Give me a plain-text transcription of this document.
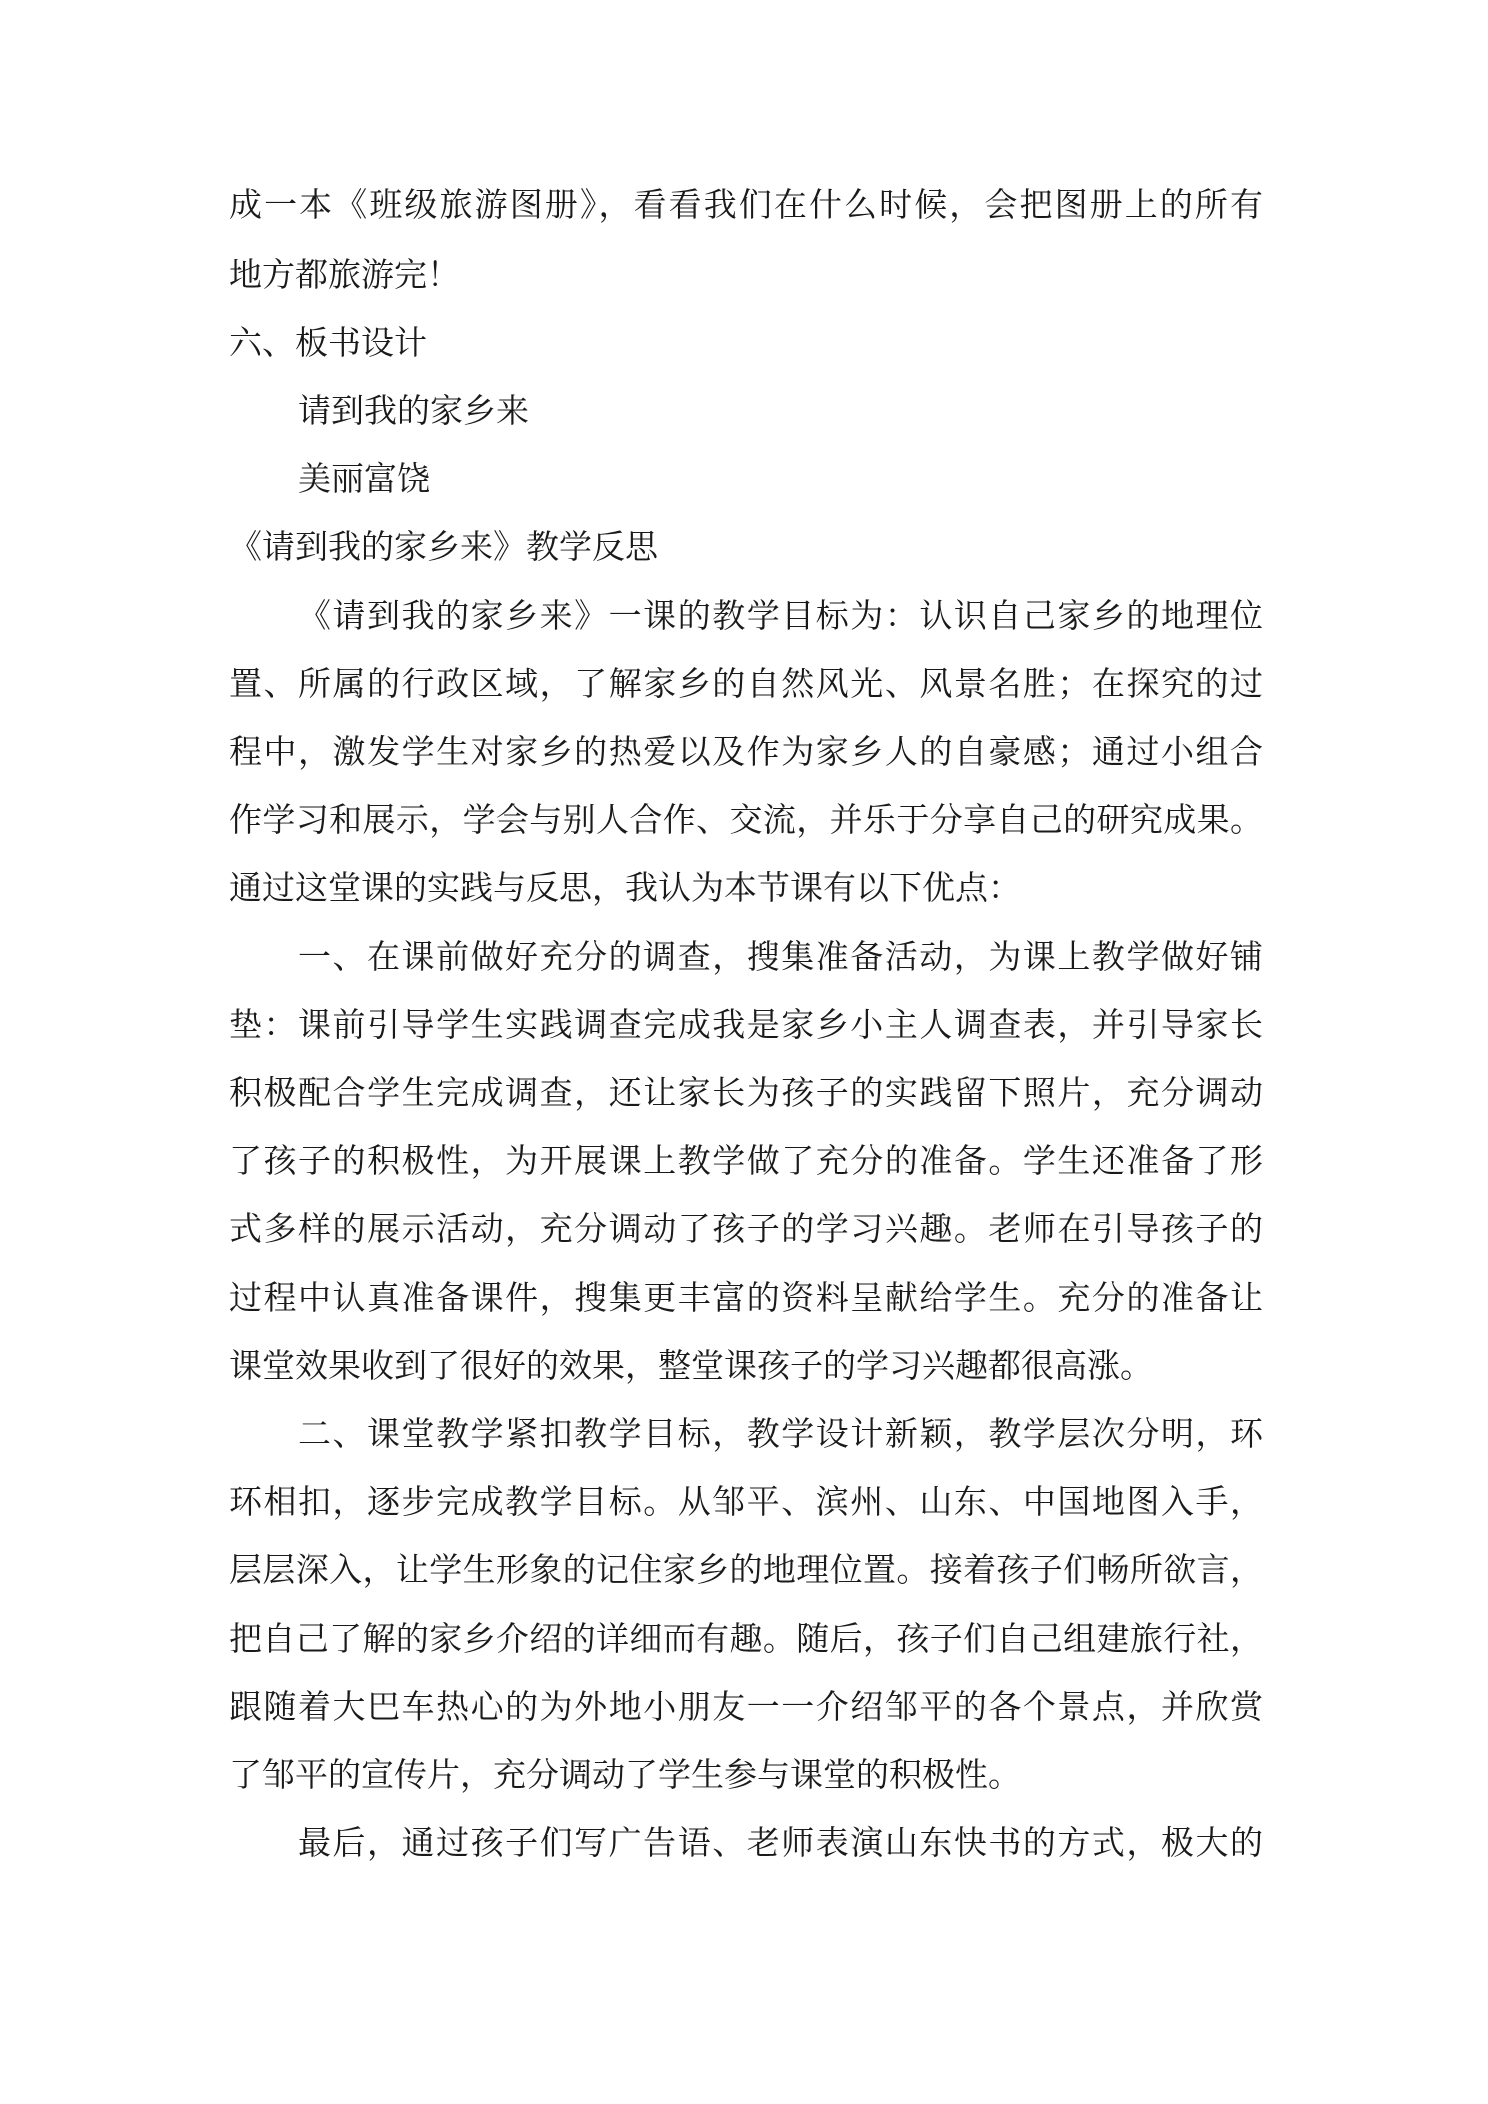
成一本《班级旅游图册》，看看我们在什么时候，会把图册上的所有
地方都旅游完！
六、板书设计
请到我的家乡来
美丽富饶
《请到我的家乡来》教学反思
《请到我的家乡来》一课的教学目标为：认识自己家乡的地理位
置、所属的行政区域，了解家乡的自然风光、风景名胜；在探究的过
程中，激发学生对家乡的热爱以及作为家乡人的自豪感；通过小组合
作学习和展示，学会与别人合作、交流，并乐于分享自己的研究成果。
通过这堂课的实践与反思，我认为本节课有以下优点：
一、在课前做好充分的调查，搜集准备活动，为课上教学做好铺
垫：课前引导学生实践调查完成我是家乡小主人调查表，并引导家长
积极配合学生完成调查，还让家长为孩子的实践留下照片，充分调动
了孩子的积极性，为开展课上教学做了充分的准备。学生还准备了形
式多样的展示活动，充分调动了孩子的学习兴趣。老师在引导孩子的
过程中认真准备课件，搜集更丰富的资料呈献给学生。充分的准备让
课堂效果收到了很好的效果，整堂课孩子的学习兴趣都很高涨。
二、课堂教学紧扣教学目标，教学设计新颖，教学层次分明，环
环相扣，逐步完成教学目标。从邹平、滨州、山东、中国地图入手，
层层深入，让学生形象的记住家乡的地理位置。接着孩子们畅所欲言，
把自己了解的家乡介绍的详细而有趣。随后，孩子们自己组建旅行社，
跟随着大巴车热心的为外地小朋友一一介绍邹平的各个景点，并欣赏
了邹平的宣传片，充分调动了学生参与课堂的积极性。
最后，通过孩子们写广告语、老师表演山东快书的方式，极大的
